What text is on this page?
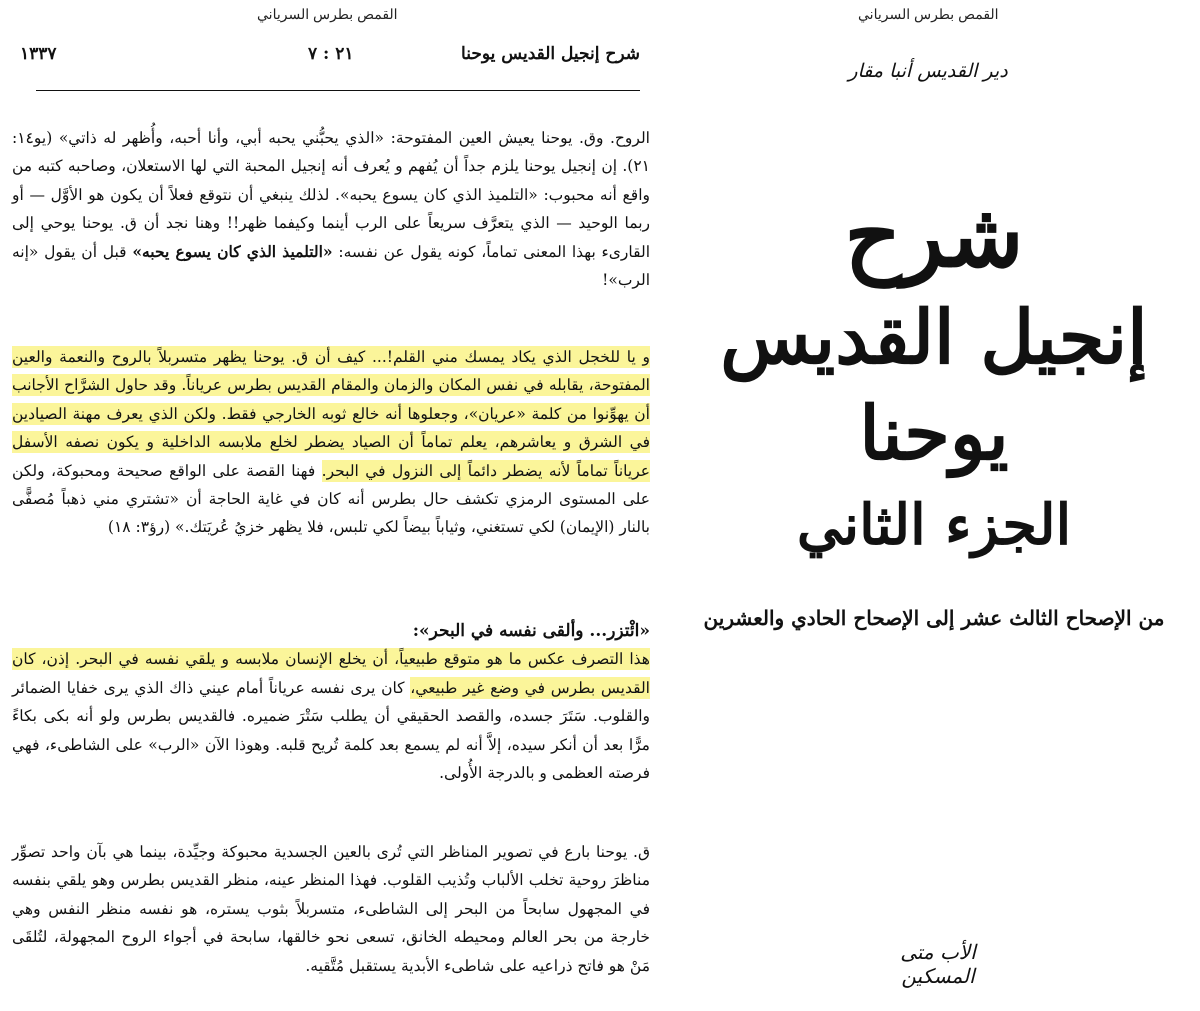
القمص بطرس السرياني
شرح إنجيل القديس يوحنا
٢١ : ٧
١٣٣٧

الروح. وق. يوحنا يعيش العين المفتوحة: «الذي يحبُّني يحبه أبي، وأنا أحبه، وأُظهر له ذاتي» (يو١٤: ٢١). إن إنجيل يوحنا يلزم جداً أن يُفهم و يُعرف أنه إنجيل المحبة التي لها الاستعلان، وصاحبه كتبه من واقع أنه محبوب: «التلميذ الذي كان يسوع يحبه». لذلك ينبغي أن نتوقع فعلاً أن يكون هو الأوَّل — أو ربما الوحيد — الذي يتعرَّف سريعاً على الرب أينما وكيفما ظهر!! وهنا نجد أن ق. يوحنا يوحي إلى القارىء بهذا المعنى تماماً، كونه يقول عن نفسه: «التلميذ الذي كان يسوع يحبه» قبل أن يقول «إنه الرب»!

و يا للخجل الذي يكاد يمسك مني القلم!... كيف أن ق. يوحنا يظهر متسربلاً بالروح والنعمة والعين المفتوحة، يقابله في نفس المكان والزمان والمقام القديس بطرس عرياناً. وقد حاول الشرَّاح الأجانب أن يهوِّنوا من كلمة «عريان»، وجعلوها أنه خالع ثوبه الخارجي فقط. ولكن الذي يعرف مهنة الصيادين في الشرق و يعاشرهم، يعلم تماماً أن الصياد يضطر لخلع ملابسه الداخلية و يكون نصفه الأسفل عرياناً تماماً لأنه يضطر دائماً إلى النزول في البحر. فهنا القصة على الواقع صحيحة ومحبوكة، ولكن على المستوى الرمزي تكشف حال بطرس أنه كان في غاية الحاجة أن «تشتري مني ذهباً مُصفًّى بالنار (الإيمان) لكي تستغني، وثياباً بيضاً لكي تلبس، فلا يظهر خزيُ عُريَتك.» (رؤ٣: ١٨)

«ائْتزر... وألقى نفسه في البحر»:

هذا التصرف عكس ما هو متوقع طبيعياً، أن يخلع الإنسان ملابسه و يلقي نفسه في البحر. إذن، كان القديس بطرس في وضع غير طبيعي، كان يرى نفسه عرياناً أمام عيني ذاك الذي يرى خفايا الضمائر والقلوب. سَتَرَ جسده، والقصد الحقيقي أن يطلب سَتْرَ ضميره. فالقديس بطرس ولو أنه بكى بكاءً مرًّا بعد أن أنكر سيده، إلاَّ أنه لم يسمع بعد كلمة تُريح قلبه. وهوذا الآن «الرب» على الشاطىء، فهي فرصته العظمى و بالدرجة الأُولى.

ق. يوحنا بارع في تصوير المناظر التي تُرى بالعين الجسدية محبوكة وجيِّدة، بينما هي بآن واحد تصوِّر مناظرَ روحية تخلب الألباب وتُذيب القلوب. فهذا المنظر عينه، منظر القديس بطرس وهو يلقي بنفسه في المجهول سابحاً من البحر إلى الشاطىء، متسربلاً بثوب يستره، هو نفسه منظر النفس وهي خارجة من بحر العالم ومحيطه الخانق، تسعى نحو خالقها، سابحة في أجواء الروح المجهولة، لتُلقَى مَنْ هو فاتح ذراعيه على شاطىء الأبدية يستقبل مُتَّقيه.

القمص بطرس السرياني
دير القديس أنبا مقار
شرح
إنجيل القديس يوحنا
الجزء الثاني
من الإصحاح الثالث عشر إلى الإصحاح الحادي والعشرين
الأب متى المسكين
